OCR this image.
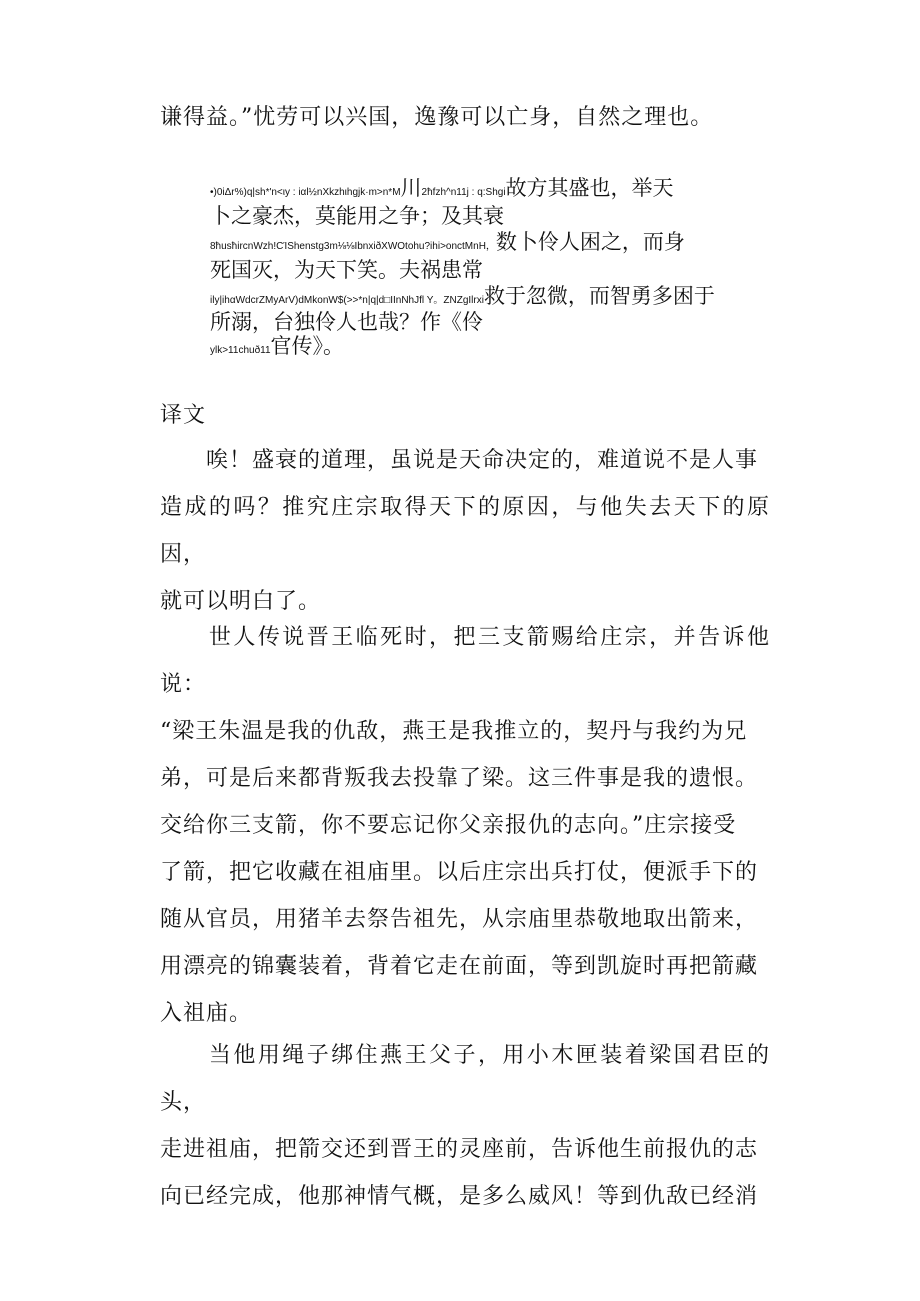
谦得益。”忧劳可以兴国，逸豫可以亡身，自然之理也。
•)0iΔr%)q|sh*'n<ιy : iαl½nXkzhιhgjk·m>n*M川2ħfzh^n11j : q:Shgi故方其盛也，举天
卜之豪杰，莫能用之争；及其衰
8ħusħircnWzh!CΊShenstg3m⅛⅛IbnxiðXWOtohu?ihi>onctMnH，数卜伶人困之，而身
死国灭，为天下笑。夫祸患常
ily|ihαWdcrZMyArV)dMkonW$(>>*n|q|d□IInNhJfl Y。ZNZgIlrxi救于忽微，而智勇多困于
所溺，台独伶人也哉？作《伶
ylk>11chuð11官传》。
译文
　　唉！盛衰的道理，虽说是天命决定的，难道说不是人事
造成的吗？推究庄宗取得天下的原因，与他失去天下的原因，
就可以明白了。
　　世人传说晋王临死时，把三支箭赐给庄宗，并告诉他说：
“梁王朱温是我的仇敌，燕王是我推立的，契丹与我约为兄
弟，可是后来都背叛我去投靠了梁。这三件事是我的遗恨。
交给你三支箭，你不要忘记你父亲报仇的志向。”庄宗接受
了箭，把它收藏在祖庙里。以后庄宗出兵打仗，便派手下的
随从官员，用猪羊去祭告祖先，从宗庙里恭敬地取出箭来，
用漂亮的锦囊装着，背着它走在前面，等到凯旋时再把箭藏
入祖庙。
　　当他用绳子绑住燕王父子，用小木匣装着梁国君臣的头，
走进祖庙，把箭交还到晋王的灵座前，告诉他生前报仇的志
向已经完成，他那神情气概，是多么威风！等到仇敌已经消
